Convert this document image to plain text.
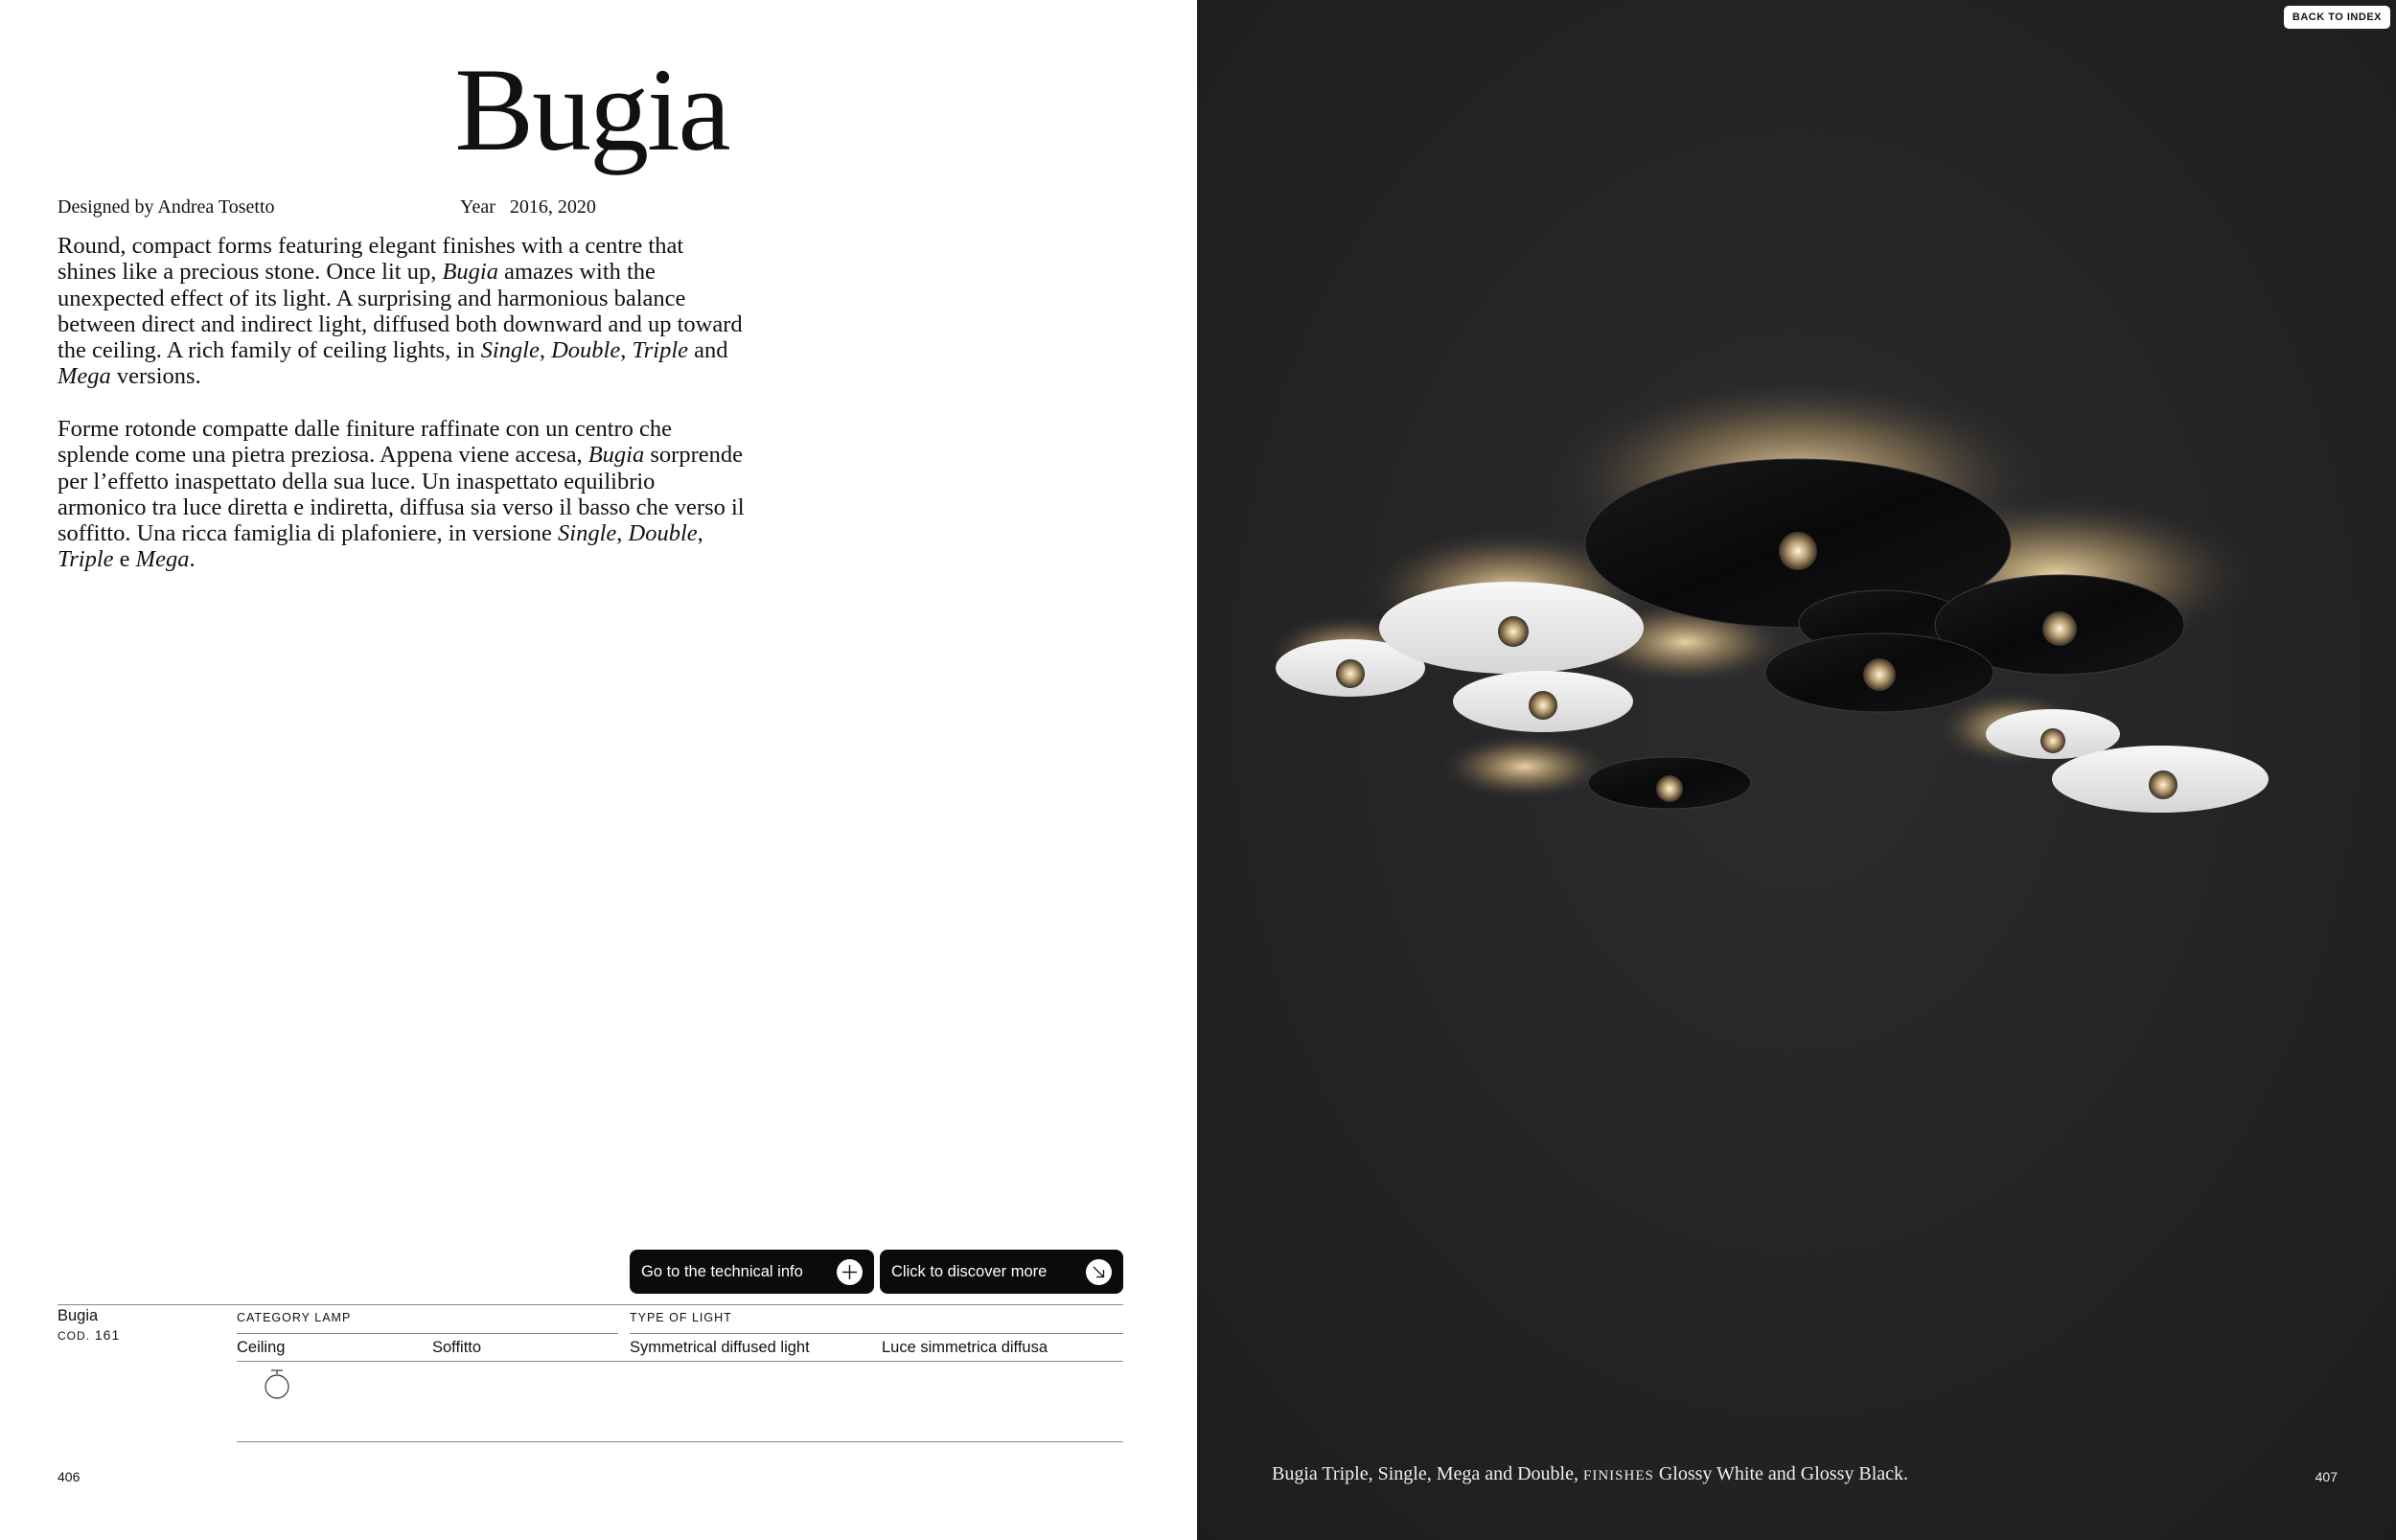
Bugia
Designed by Andrea Tosetto	Year 2016, 2020

Round, compact forms featuring elegant finishes with a centre that shines like a precious stone. Once lit up, Bugia amazes with the unexpected effect of its light. A surprising and harmonious balance between direct and indirect light, diffused both downward and up toward the ceiling. A rich family of ceiling lights, in Single, Double, Triple and Mega versions.

Forme rotonde compatte dalle finiture raffinate con un centro che splende come una pietra preziosa. Appena viene accesa, Bugia sorprende per l’effetto inaspettato della sua luce. Un inaspettato equilibrio armonico tra luce diretta e indiretta, diffusa sia verso il basso che verso il soffitto. Una ricca famiglia di plafoniere, in versione Single, Double, Triple e Mega.

Go to the technical info	Click to discover more
Bugia
COD. 161
CATEGORY LAMP	TYPE OF LIGHT
Ceiling	Soffitto	Symmetrical diffused light	Luce simmetrica diffusa
406
BACK TO INDEX
Bugia Triple, Single, Mega and Double, FINISHES Glossy White and Glossy Black.	407
